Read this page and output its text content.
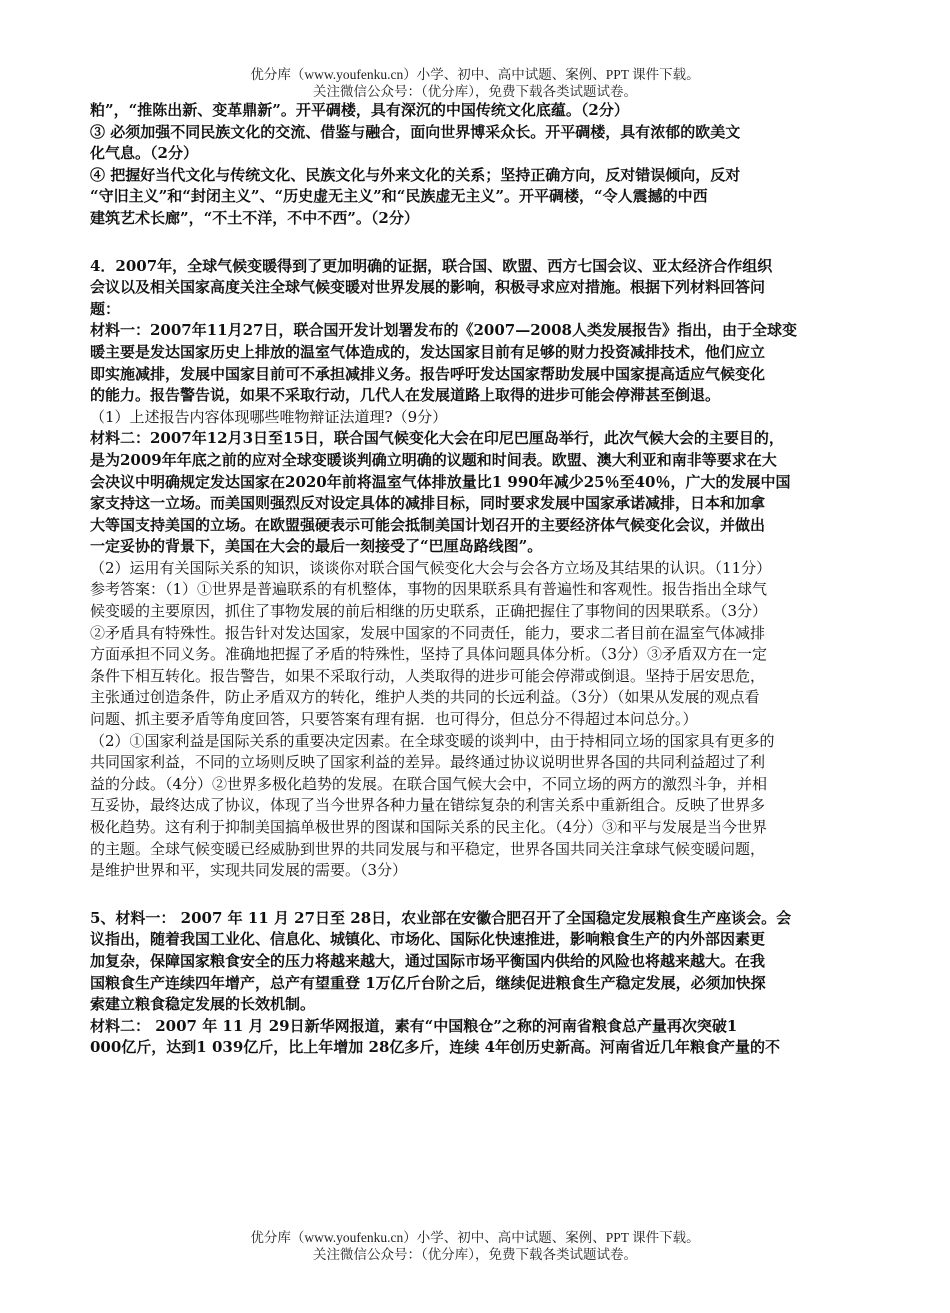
优分库（www.youfenku.cn）小学、初中、高中试题、案例、PPT 课件下载。
关注微信公众号：（优分库），免费下载各类试题试卷。
粕”，“推陈出新、变革鼎新”。开平碉楼，具有深沉的中国传统文化底蕴。（2分）
③ 必须加强不同民族文化的交流、借鉴与融合，面向世界博采众长。开平碉楼，具有浓郁的欧美文
化气息。（2分）
④ 把握好当代文化与传统文化、民族文化与外来文化的关系；坚持正确方向，反对错误倾向，反对
“守旧主义”和“封闭主义”、“历史虚无主义”和“民族虚无主义”。开平碉楼，“令人震撼的中西
建筑艺术长廊”，“不土不洋，不中不西”。（2分）
4．2007年，全球气候变暖得到了更加明确的证据，联合国、欧盟、西方七国会议、亚太经济合作组织
会议以及相关国家高度关注全球气候变暖对世界发展的影响，积极寻求应对措施。根据下列材料回答问
题：
材料一：2007年11月27日，联合国开发计划署发布的《2007—2008人类发展报告》指出，由于全球变
暖主要是发达国家历史上排放的温室气体造成的，发达国家目前有足够的财力投资减排技术，他们应立
即实施减排，发展中国家目前可不承担减排义务。报告呼吁发达国家帮助发展中国家提高适应气候变化
的能力。报告警告说，如果不采取行动，几代人在发展道路上取得的进步可能会停滞甚至倒退。
（1）上述报告内容体现哪些唯物辩证法道理?（9分）
材料二：2007年12月3日至15日，联合国气候变化大会在印尼巴厘岛举行，此次气候大会的主要目的，
是为2009年年底之前的应对全球变暖谈判确立明确的议题和时间表。欧盟、澳大利亚和南非等要求在大
会决议中明确规定发达国家在2020年前将温室气体排放量比1 990年减少25％至40％，广大的发展中国
家支持这一立场。而美国则强烈反对设定具体的减排目标，同时要求发展中国家承诺减排，日本和加拿
大等国支持美国的立场。在欧盟强硬表示可能会抵制美国计划召开的主要经济体气候变化会议，并做出
一定妥协的背景下，美国在大会的最后一刻接受了“巴厘岛路线图”。
（2）运用有关国际关系的知识，谈谈你对联合国气候变化大会与会各方立场及其结果的认识。（11分）
参考答案：（1）①世界是普遍联系的有机整体，事物的因果联系具有普遍性和客观性。报告指出全球气
候变暖的主要原因，抓住了事物发展的前后相继的历史联系，正确把握住了事物间的因果联系。（3分）
②矛盾具有特殊性。报告针对发达国家，发展中国家的不同责任，能力，要求二者目前在温室气体减排
方面承担不同义务。准确地把握了矛盾的特殊性，坚持了具体问题具体分析。（3分）③矛盾双方在一定
条件下相互转化。报告警告，如果不采取行动，人类取得的进步可能会停滞或倒退。坚持于居安思危，
主张通过创造条件，防止矛盾双方的转化，维护人类的共同的长远利益。（3分）（如果从发展的观点看
问题、抓主要矛盾等角度回答，只要答案有理有据．也可得分，但总分不得超过本问总分。）
（2）①国家利益是国际关系的重要决定因素。在全球变暖的谈判中，由于持相同立场的国家具有更多的
共同国家利益，不同的立场则反映了国家利益的差异。最终通过协议说明世界各国的共同利益超过了利
益的分歧。（4分）②世界多极化趋势的发展。在联合国气候大会中，不同立场的两方的激烈斗争，并相
互妥协，最终达成了协议，体现了当今世界各种力量在错综复杂的利害关系中重新组合。反映了世界多
极化趋势。这有利于抑制美国搞单极世界的图谋和国际关系的民主化。（4分）③和平与发展是当今世界
的主题。全球气候变暖已经威胁到世界的共同发展与和平稳定，世界各国共同关注拿球气候变暖问题，
是维护世界和平，实现共同发展的需要。（3分）
5、材料一： 2007 年 11 月 27日至 28日，农业部在安徽合肥召开了全国稳定发展粮食生产座谈会。会
议指出，随着我国工业化、信息化、城镇化、市场化、国际化快速推进，影响粮食生产的内外部因素更
加复杂，保障国家粮食安全的压力将越来越大，通过国际市场平衡国内供给的风险也将越来越大。在我
国粮食生产连续四年增产，总产有望重登 1万亿斤台阶之后，继续促进粮食生产稳定发展，必须加快探
索建立粮食稳定发展的长效机制。
材料二： 2007 年 11 月 29日新华网报道，素有“中国粮仓”之称的河南省粮食总产量再次突破1
000亿斤，达到1 039亿斤，比上年增加 28亿多斤，连续 4年创历史新高。河南省近几年粮食产量的不
优分库（www.youfenku.cn）小学、初中、高中试题、案例、PPT 课件下载。
关注微信公众号：（优分库），免费下载各类试题试卷。
